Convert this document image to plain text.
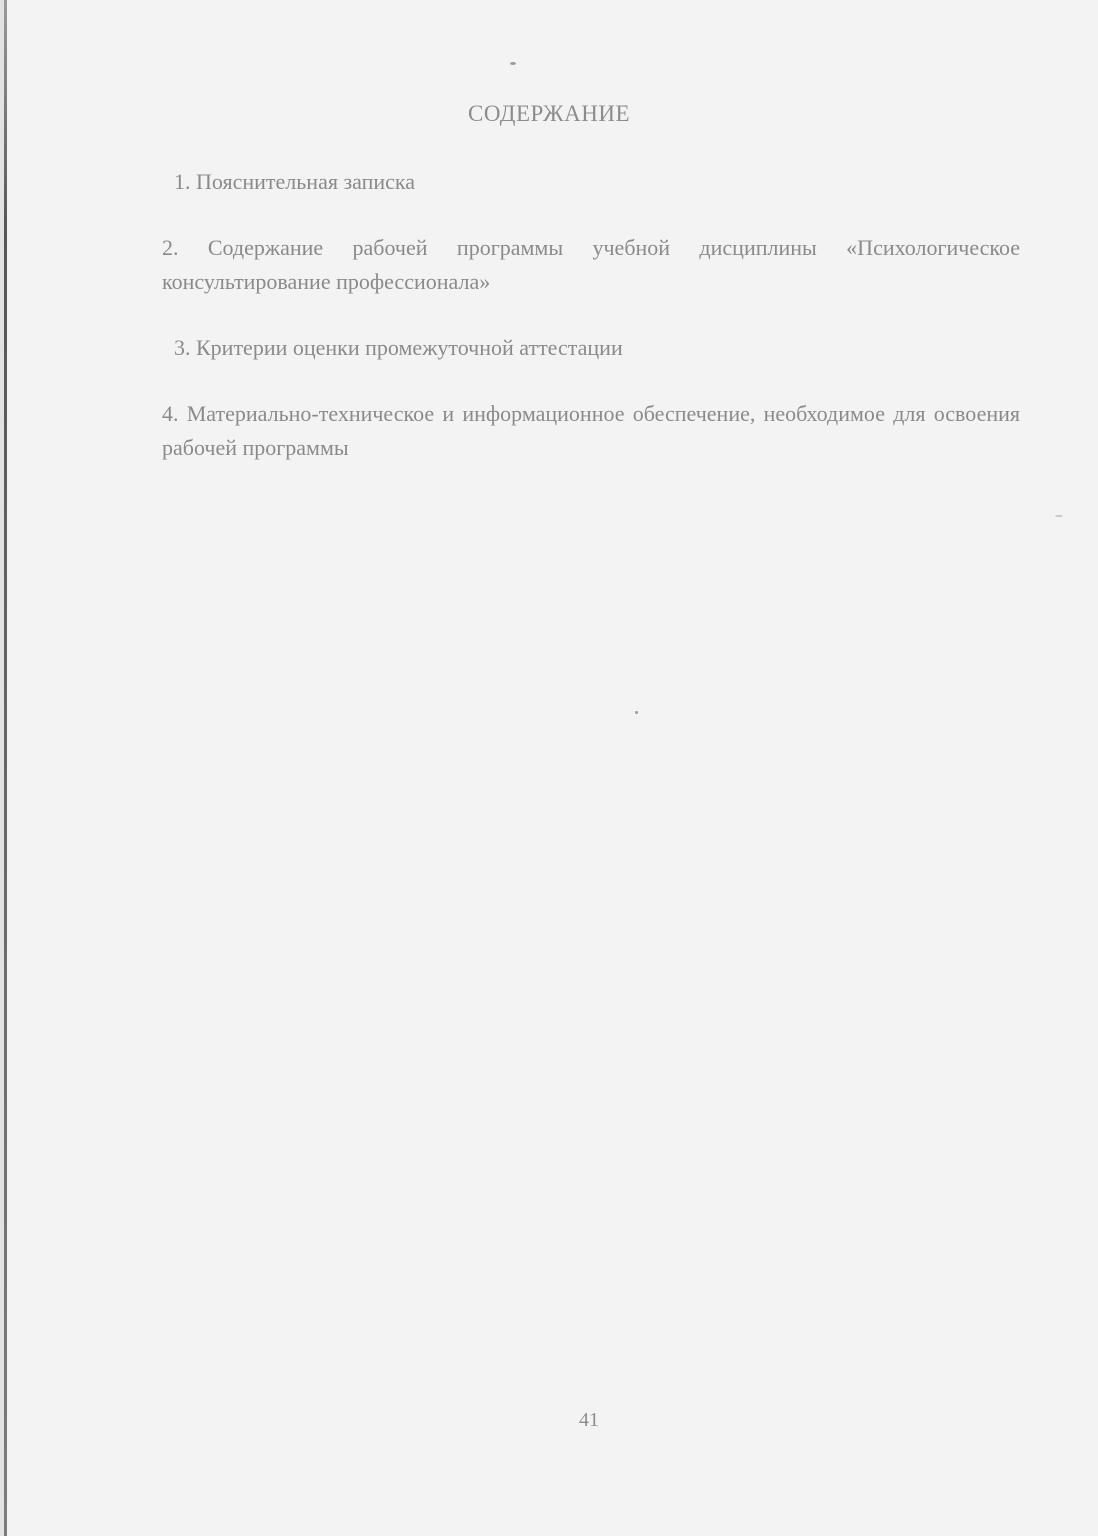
СОДЕРЖАНИЕ

1. Пояснительная записка

2. Содержание рабочей программы учебной дисциплины «Психологическое консультирование профессионала»

3. Критерии оценки промежуточной аттестации

4. Материально-техническое и информационное обеспечение, необходимое для освоения рабочей программы

41
